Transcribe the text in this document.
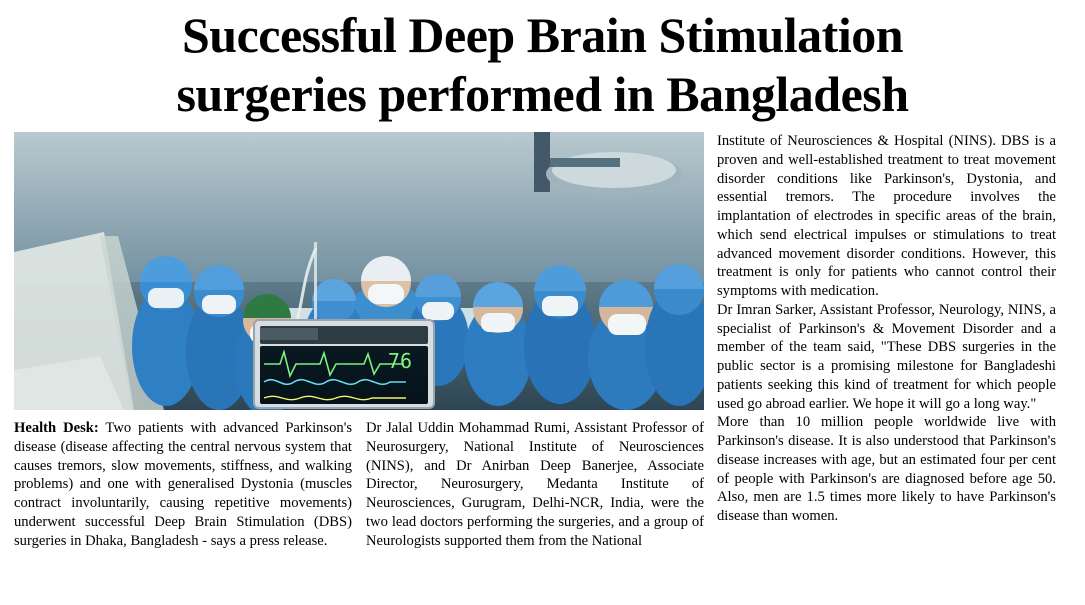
Successful Deep Brain Stimulation
surgeries performed in Bangladesh
76

Health Desk: Two patients with advanced Parkinson's disease (disease affecting the central nervous system that causes tremors, slow movements, stiffness, and walking problems) and one with generalised Dystonia (muscles contract involuntarily, causing repetitive movements) underwent successful Deep Brain Stimulation (DBS) surgeries in Dhaka, Bangladesh - says a press release.

Dr Jalal Uddin Mohammad Rumi, Assistant Professor of Neurosurgery, National Institute of Neurosciences (NINS), and Dr Anirban Deep Banerjee, Associate Director, Neurosurgery, Medanta Institute of Neurosciences, Gurugram, Delhi-NCR, India, were the two lead doctors performing the surgeries, and a group of Neurologists supported them from the National

Institute of Neurosciences & Hospital (NINS). DBS is a proven and well-established treatment to treat movement disorder conditions like Parkinson's, Dystonia, and essential tremors. The procedure involves the implantation of electrodes in specific areas of the brain, which send electrical impulses or stimulations to treat advanced movement disorder conditions. However, this treatment is only for patients who cannot control their symptoms with medication.

Dr Imran Sarker, Assistant Professor, Neurology, NINS, a specialist of Parkinson's & Movement Disorder and a member of the team said, "These DBS surgeries in the public sector is a promising milestone for Bangladeshi patients seeking this kind of treatment for which people used go abroad earlier. We hope it will go a long way."

More than 10 million people worldwide live with Parkinson's disease. It is also understood that Parkinson's disease increases with age, but an estimated four per cent of people with Parkinson's are diagnosed before age 50. Also, men are 1.5 times more likely to have Parkinson's disease than women.
